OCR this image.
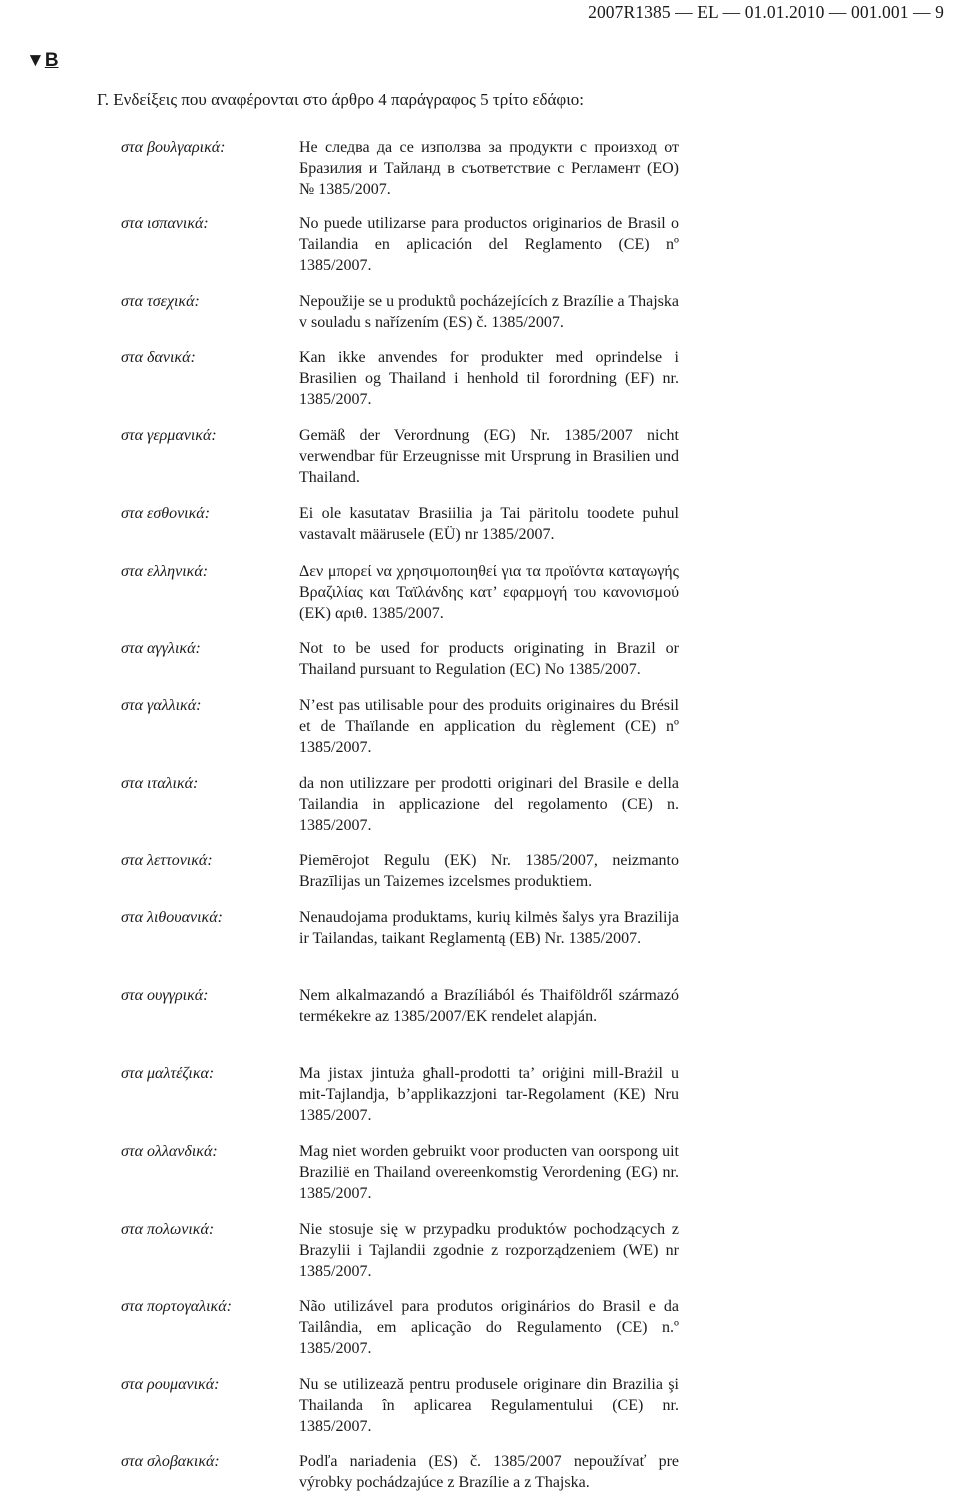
2007R1385 — EL — 01.01.2010 — 001.001 — 9
▼B
Γ. Ενδείξεις που αναφέρονται στο άρθρο 4 παράγραφος 5 τρίτο εδάφιο:
στα βουλγαρικά:	Не следва да се използва за продукти с произход от Бразилия и Тайланд в съответствие с Регламент (ЕО) № 1385/2007.
στα ισπανικά:	No puede utilizarse para productos originarios de Brasil o Tailandia en aplicación del Reglamento (CE) nº 1385/2007.
στα τσεχικά:	Nepoužije se u produktů pocházejících z Brazílie a Thajska v souladu s nařízením (ES) č. 1385/2007.
στα δανικά:	Kan ikke anvendes for produkter med oprindelse i Brasilien og Thailand i henhold til forordning (EF) nr. 1385/2007.
στα γερμανικά:	Gemäß der Verordnung (EG) Nr. 1385/2007 nicht verwendbar für Erzeugnisse mit Ursprung in Brasilien und Thailand.
στα εσθονικά:	Ei ole kasutatav Brasiilia ja Tai päritolu toodete puhul vastavalt määrusele (EÜ) nr 1385/2007.
στα ελληνικά:	Δεν μπορεί να χρησιμοποιηθεί για τα προϊόντα καταγωγής Βραζιλίας και Ταϊλάνδης κατ’ εφαρμογή του κανονισμού (ΕΚ) αριθ. 1385/2007.
στα αγγλικά:	Not to be used for products originating in Brazil or Thailand pursuant to Regulation (EC) No 1385/2007.
στα γαλλικά:	N’est pas utilisable pour des produits originaires du Brésil et de Thaïlande en application du règlement (CE) nº 1385/2007.
στα ιταλικά:	da non utilizzare per prodotti originari del Brasile e della Tailandia in applicazione del regolamento (CE) n. 1385/2007.
στα λεττονικά:	Piemērojot Regulu (EK) Nr. 1385/2007, neizmanto Brazīlijas un Taizemes izcelsmes produktiem.
στα λιθουανικά:	Nenaudojama produktams, kurių kilmės šalys yra Brazilija ir Tailandas, taikant Reglamentą (EB) Nr. 1385/2007.
στα ουγγρικά:	Nem alkalmazandó a Brazíliából és Thaiföldről származó termékekre az 1385/2007/EK rendelet alapján.
στα μαλτέζικα:	Ma jistax jintuża għall-prodotti ta’ oriġini mill-Brażil u mit-Tajlandja, b’applikazzjoni tar-Regolament (KE) Nru 1385/2007.
στα ολλανδικά:	Mag niet worden gebruikt voor producten van oorspong uit Brazilië en Thailand overeenkomstig Verordening (EG) nr. 1385/2007.
στα πολωνικά:	Nie stosuje się w przypadku produktów pochodzących z Brazylii i Tajlandii zgodnie z rozporządzeniem (WE) nr 1385/2007.
στα πορτογαλικά:	Não utilizável para produtos originários do Brasil e da Tailândia, em aplicação do Regulamento (CE) n.º 1385/2007.
στα ρουμανικά:	Nu se utilizează pentru produsele originare din Brazilia şi Thailanda în aplicarea Regulamentului (CE) nr. 1385/2007.
στα σλοβακικά:	Podľa nariadenia (ES) č. 1385/2007 nepoužívať pre výrobky pochádzajúce z Brazílie a z Thajska.
